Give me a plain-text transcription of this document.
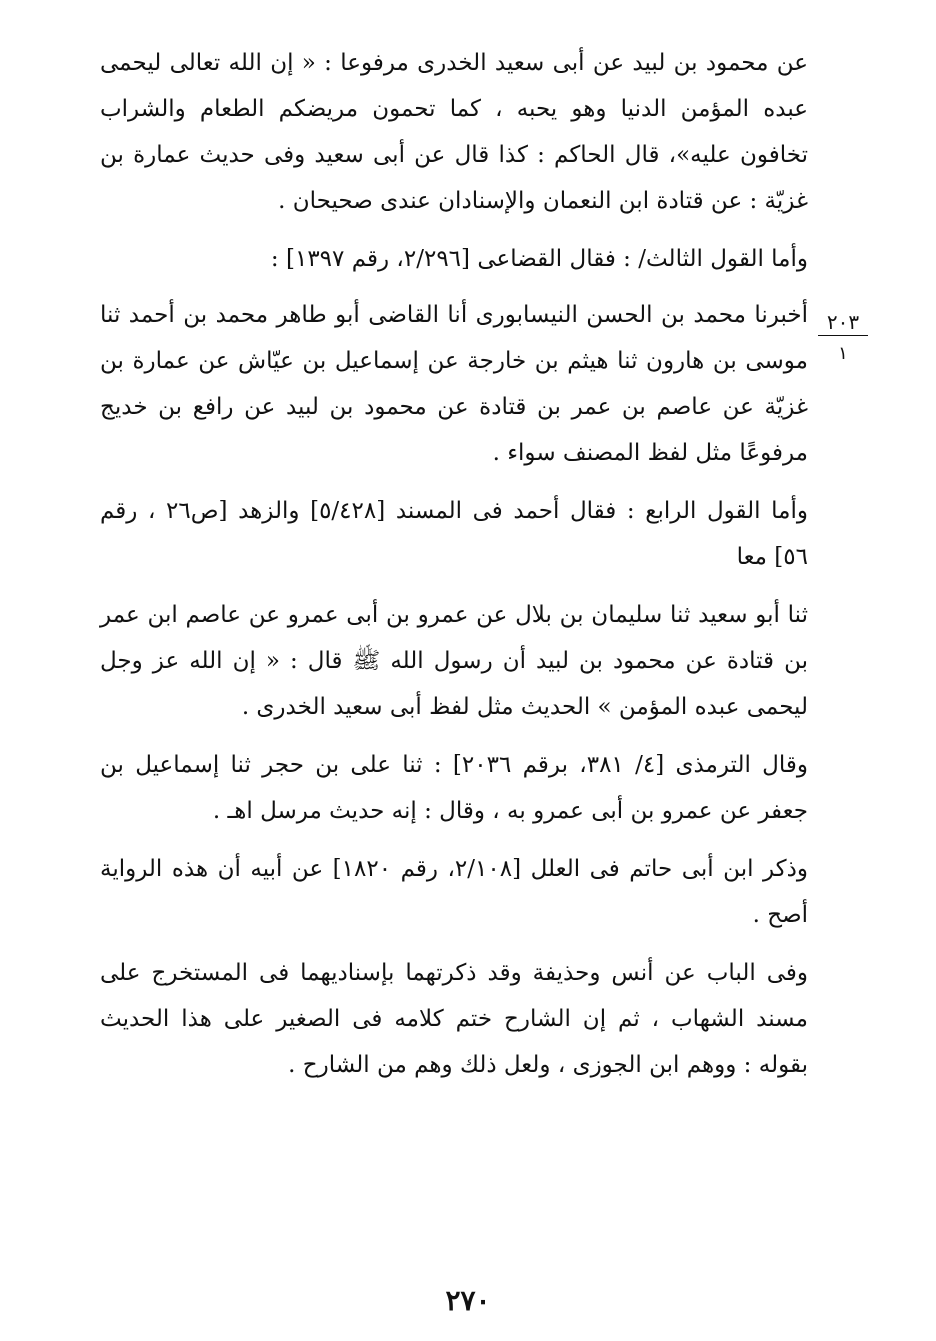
عن محمود بن لبيد عن أبى سعيد الخدرى مرفوعا : « إن الله تعالى ليحمى عبده المؤمن الدنيا وهو يحبه ، كما تحمون مريضكم الطعام والشراب تخافون عليه»، قال الحاكم : كذا قال عن أبى سعيد وفى حديث عمارة بن غزيّة : عن قتادة ابن النعمان والإسنادان عندى صحيحان .

وأما القول الثالث/ : فقال القضاعى [٢/٢٩٦، رقم ١٣٩٧] :

أخبرنا محمد بن الحسن النيسابورى أنا القاضى أبو طاهر محمد بن أحمد ثنا موسى بن هارون ثنا هيثم بن خارجة عن إسماعيل بن عيّاش عن عمارة بن غزيّة عن عاصم بن عمر بن قتادة عن محمود بن لبيد عن رافع بن خديج مرفوعًا مثل لفظ المصنف سواء .

وأما القول الرابع : فقال أحمد فى المسند [٥/٤٢٨] والزهد [ص٢٦ ، رقم ٥٦] معا

ثنا أبو سعيد ثنا سليمان بن بلال عن عمرو بن أبى عمرو عن عاصم ابن عمر بن قتادة عن محمود بن لبيد أن رسول الله ﷺ قال : « إن الله عز وجل ليحمى عبده المؤمن » الحديث مثل لفظ أبى سعيد الخدرى .

وقال الترمذى [٤/ ٣٨١، برقم ٢٠٣٦] : ثنا على بن حجر ثنا إسماعيل بن جعفر عن عمرو بن أبى عمرو به ، وقال : إنه حديث مرسل اهـ .

وذكر ابن أبى حاتم فى العلل [٢/١٠٨، رقم ١٨٢٠] عن أبيه أن هذه الرواية أصح .

وفى الباب عن أنس وحذيفة وقد ذكرتهما بإسناديهما فى المستخرج على مسند الشهاب ، ثم إن الشارح ختم كلامه فى الصغير على هذا الحديث بقوله : ووهم ابن الجوزى ، ولعل ذلك وهم من الشارح .

٢٠٣
١
٢٧٠
